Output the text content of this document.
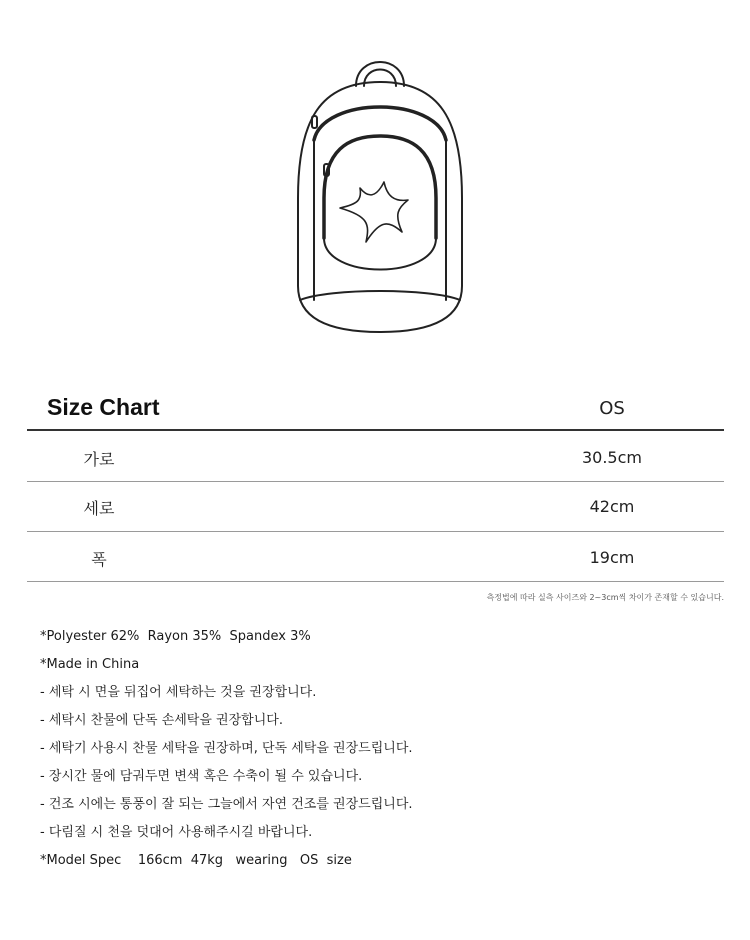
Size Chart	OS
가로	30.5cm
세로	42cm
폭	19cm
측정법에 따라 실측 사이즈와 2~3cm씩 차이가 존재할 수 있습니다.
*Polyester 62%  Rayon 35%  Spandex 3%
*Made in China
- 세탁 시 면을 뒤집어 세탁하는 것을 권장합니다.
- 세탁시 찬물에 단독 손세탁을 권장합니다.
- 세탁기 사용시 찬물 세탁을 권장하며, 단독 세탁을 권장드립니다.
- 장시간 물에 담궈두면 변색 혹은 수축이 될 수 있습니다.
- 건조 시에는 통풍이 잘 되는 그늘에서 자연 건조를 권장드립니다.
- 다림질 시 천을 덧대어 사용해주시길 바랍니다.
*Model Spec    166cm  47kg   wearing   OS  size
